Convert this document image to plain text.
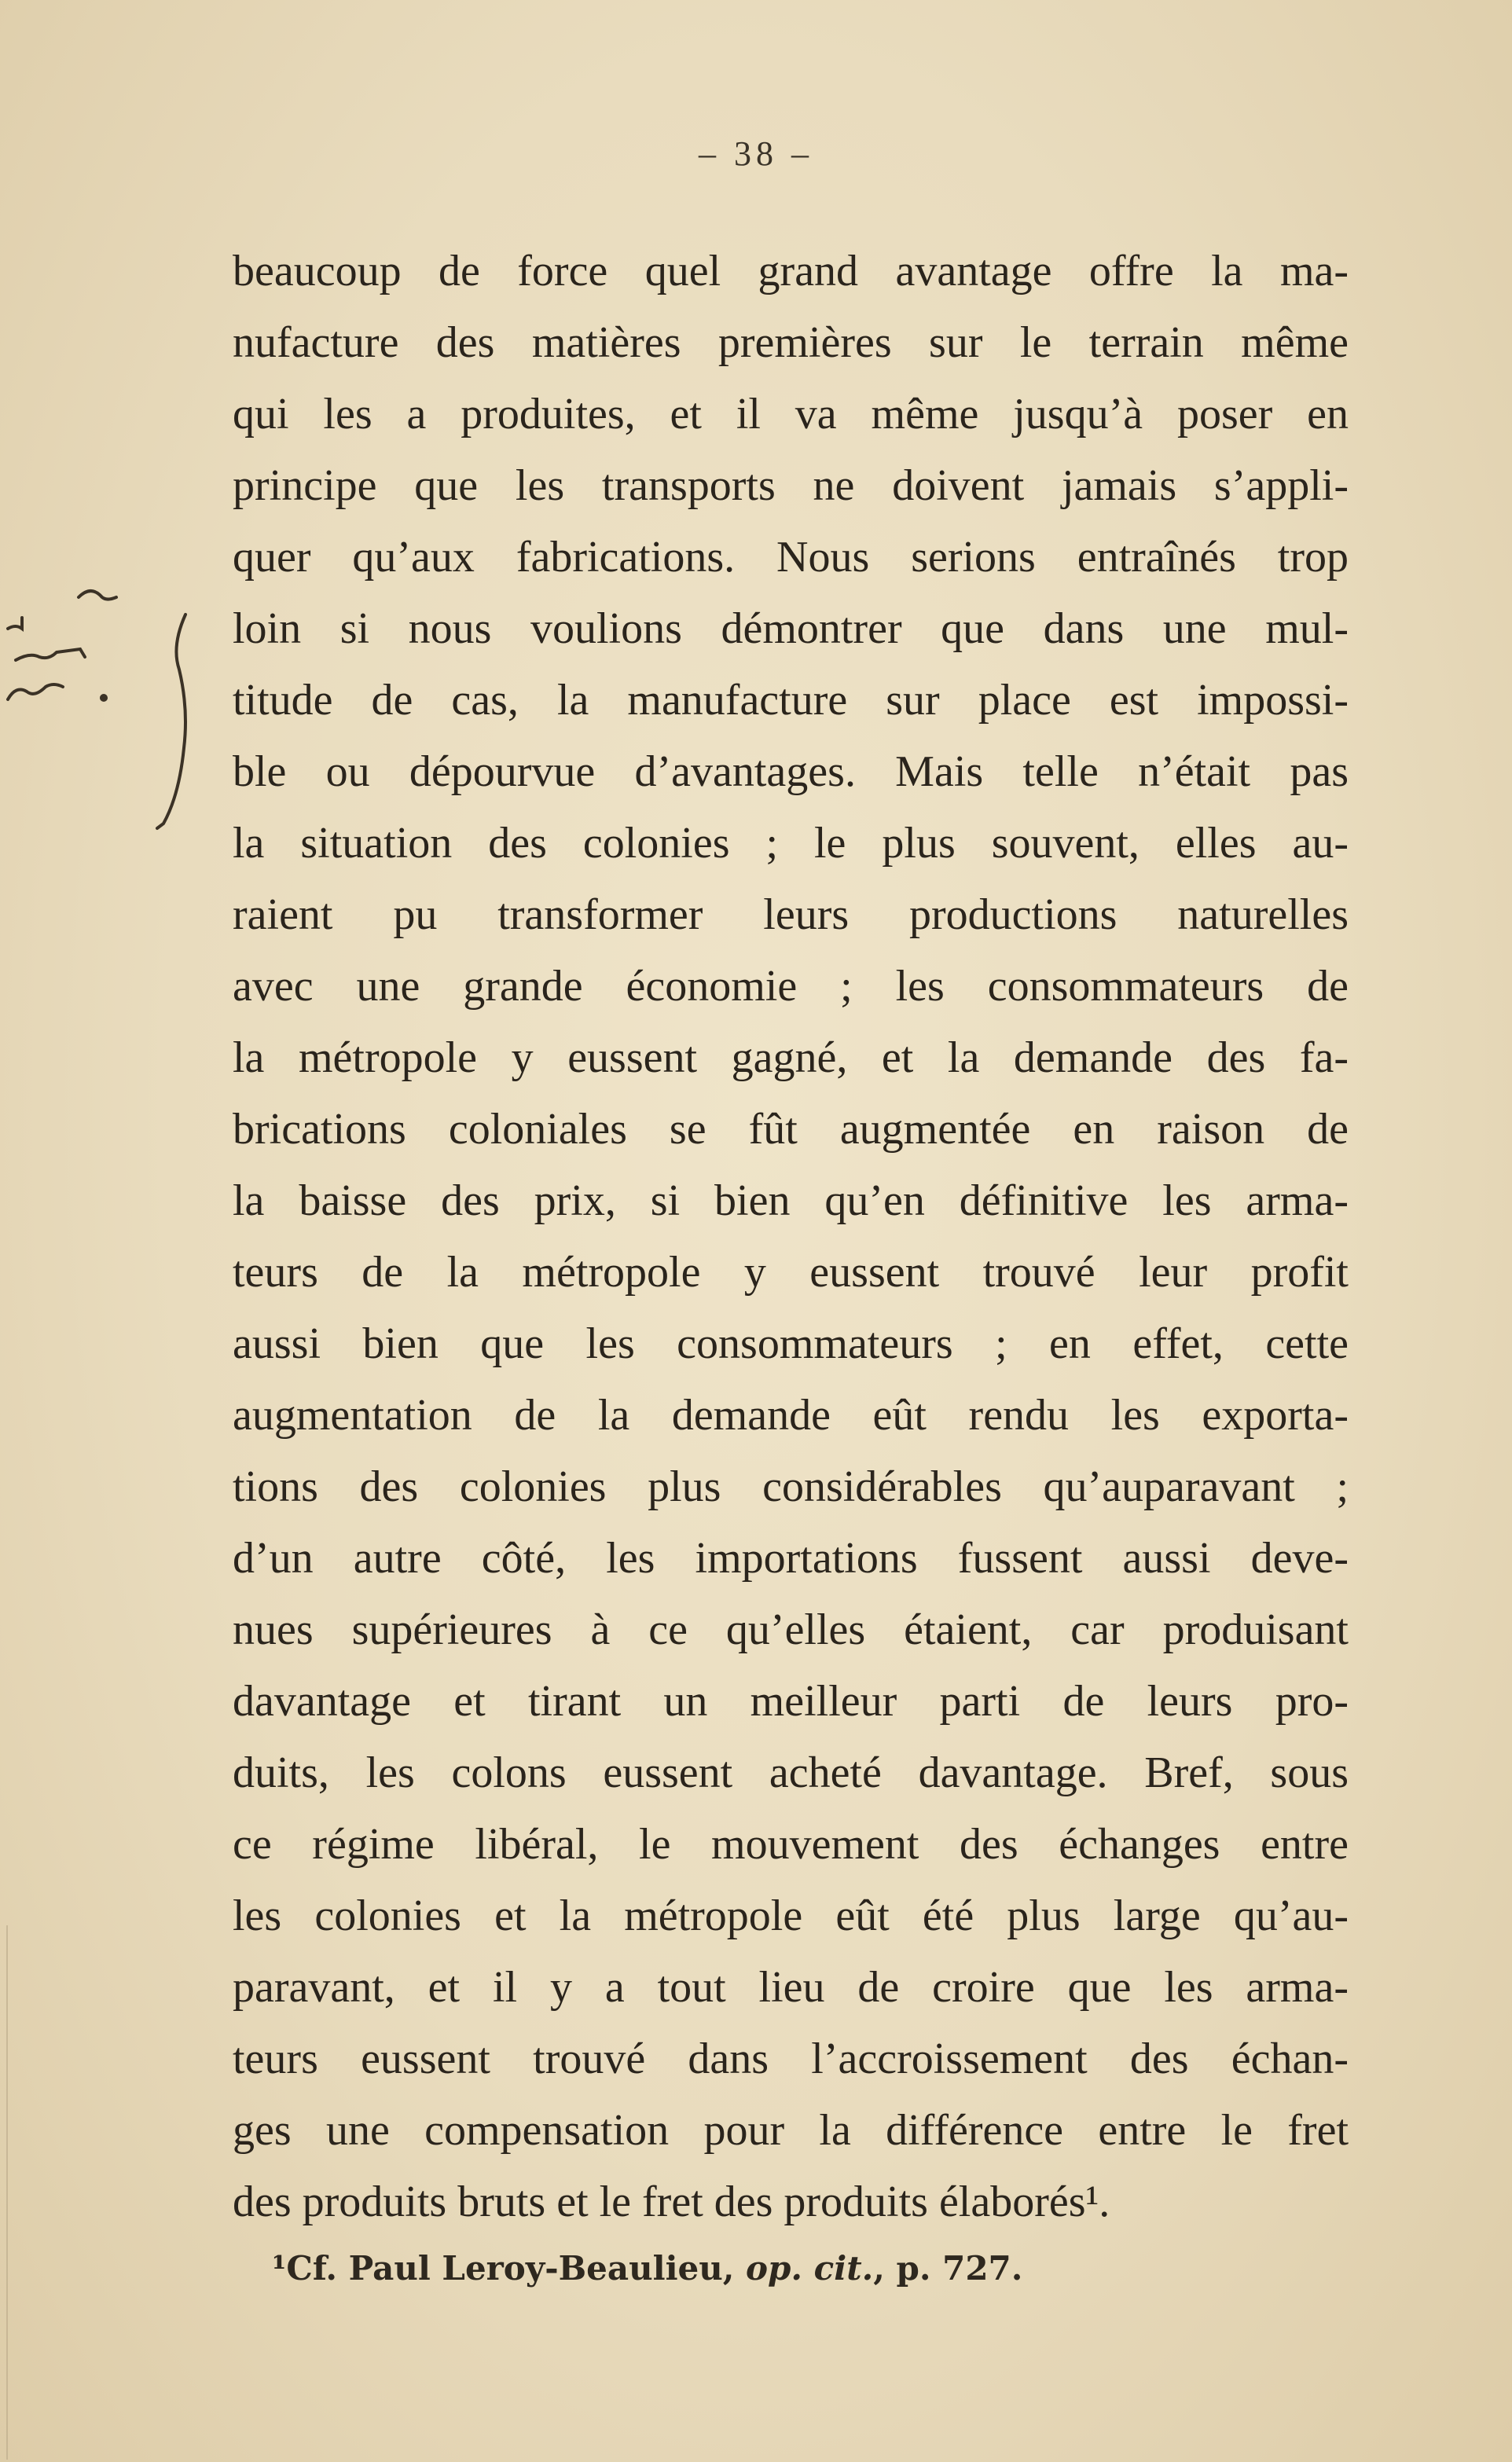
– 38 –
beaucoup de force quel grand avantage offre la ma-
nufacture des matières premières sur le terrain même
qui les a produites, et il va même jusqu’à poser en
principe que les transports ne doivent jamais s’appli-
quer qu’aux fabrications. Nous serions entraînés trop
loin si nous voulions démontrer que dans une mul-
titude de cas, la manufacture sur place est impossi-
ble ou dépourvue d’avantages. Mais telle n’était pas
la situation des colonies ; le plus souvent, elles au-
raient pu transformer leurs productions naturelles
avec une grande économie ; les consommateurs de
la métropole y eussent gagné, et la demande des fa-
brications coloniales se fût augmentée en raison de
la baisse des prix, si bien qu’en définitive les arma-
teurs de la métropole y eussent trouvé leur profit
aussi bien que les consommateurs ; en effet, cette
augmentation de la demande eût rendu les exporta-
tions des colonies plus considérables qu’auparavant ;
d’un autre côté, les importations fussent aussi deve-
nues supérieures à ce qu’elles étaient, car produisant
davantage et tirant un meilleur parti de leurs pro-
duits, les colons eussent acheté davantage. Bref, sous
ce régime libéral, le mouvement des échanges entre
les colonies et la métropole eût été plus large qu’au-
paravant, et il y a tout lieu de croire que les arma-
teurs eussent trouvé dans l’accroissement des échan-
ges une compensation pour la différence entre le fret
des produits bruts et le fret des produits élaborés¹.
¹Cf. Paul Leroy-Beaulieu, op. cit., p. 727.
